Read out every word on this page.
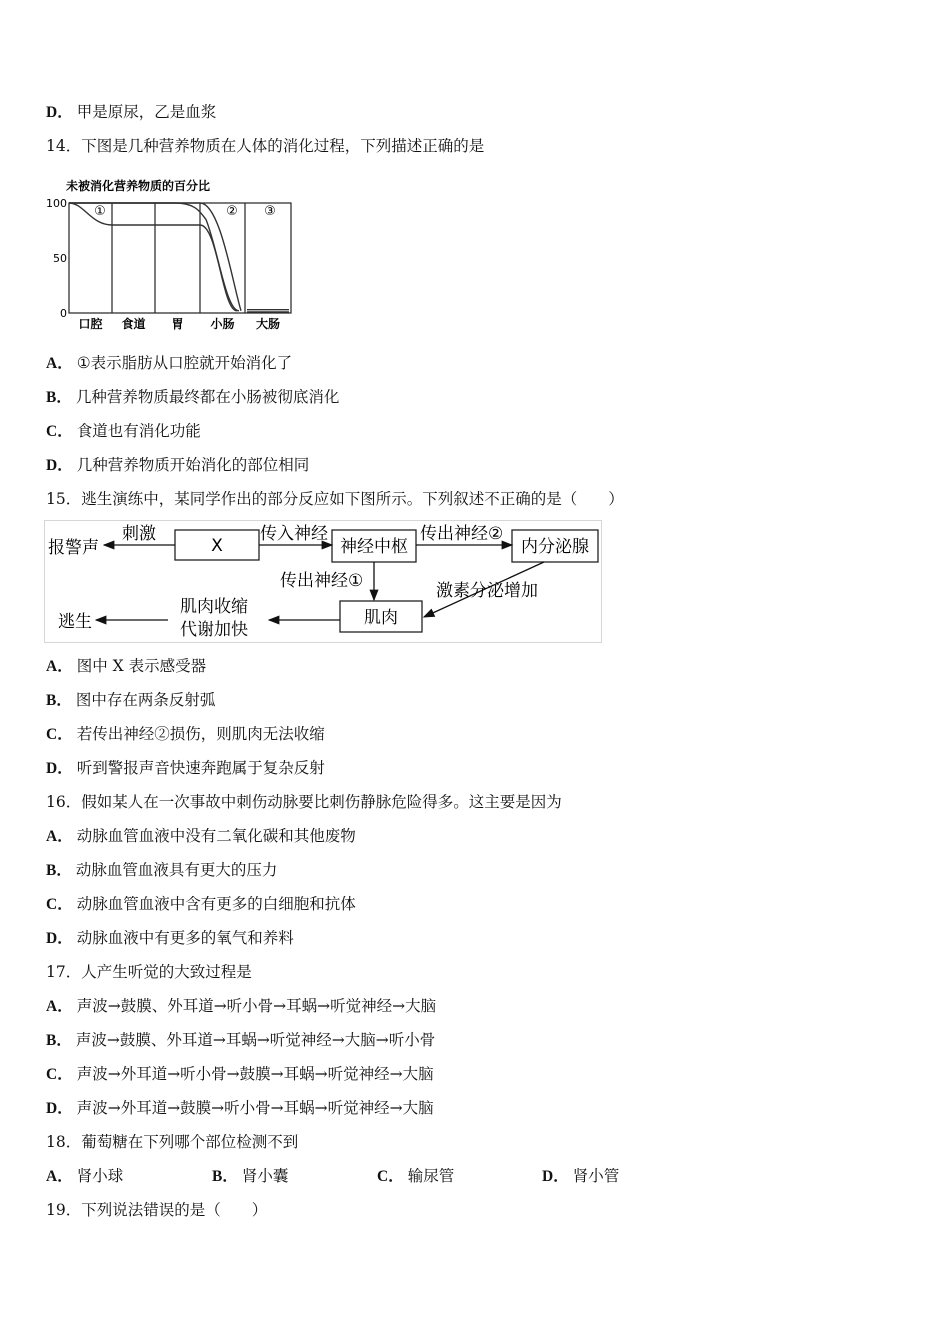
D． 甲是原尿，乙是血浆
14．下图是几种营养物质在人体的消化过程，下列描述正确的是
未被消化营养物质的百分比
100
50
0
口腔 食道 胃 小肠 大肠
①	② ③
A． ①表示脂肪从口腔就开始消化了
B． 几种营养物质最终都在小肠被彻底消化
C． 食道也有消化功能
D． 几种营养物质开始消化的部位相同
15．逃生演练中，某同学作出的部分反应如下图所示。下列叙述不正确的是（　　）
X	神经中枢	内分泌腺
肌肉
报警声
刺激	传入神经	传出神经②
传出神经①	激素分泌增加
肌肉收缩
代谢加快
逃生
A． 图中 X 表示感受器
B． 图中存在两条反射弧
C． 若传出神经②损伤，则肌肉无法收缩
D． 听到警报声音快速奔跑属于复杂反射
16．假如某人在一次事故中刺伤动脉要比刺伤静脉危险得多。这主要是因为
A． 动脉血管血液中没有二氧化碳和其他废物
B． 动脉血管血液具有更大的压力
C． 动脉血管血液中含有更多的白细胞和抗体
D． 动脉血液中有更多的氧气和养料
17．人产生听觉的大致过程是
A． 声波→鼓膜、外耳道→听小骨→耳蜗→听觉神经→大脑
B． 声波→鼓膜、外耳道→耳蜗→听觉神经→大脑→听小骨
C． 声波→外耳道→听小骨→鼓膜→耳蜗→听觉神经→大脑
D． 声波→外耳道→鼓膜→听小骨→耳蜗→听觉神经→大脑
18．葡萄糖在下列哪个部位检测不到
A． 肾小球	B． 肾小囊	C． 输尿管	D． 肾小管
19．下列说法错误的是（　　）
